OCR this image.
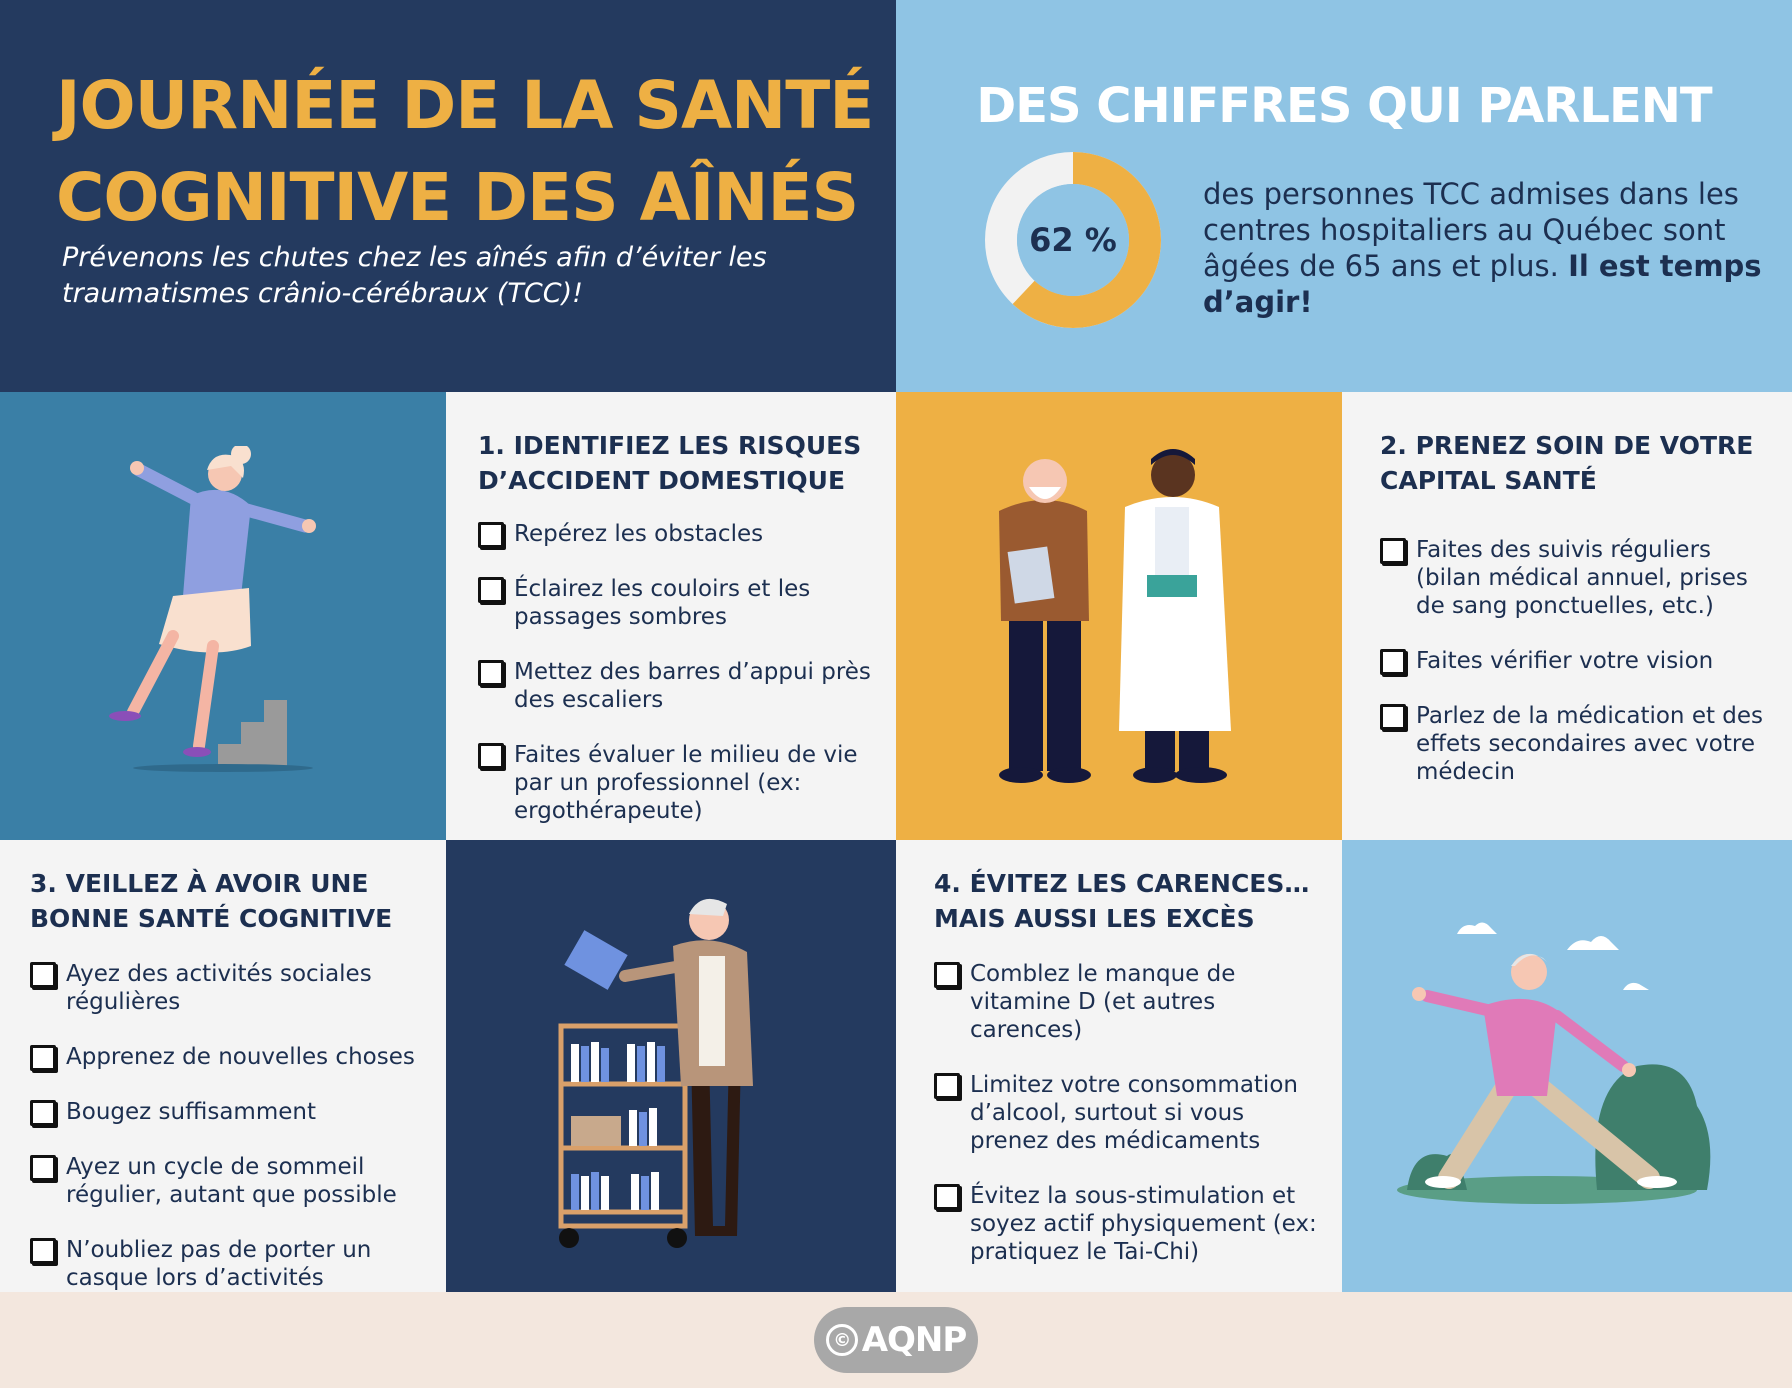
JOURNÉE DE LA SANTÉ
COGNITIVE DES AÎNÉS

Prévenons les chutes chez les aînés afin d’éviter les
traumatismes crânio-cérébraux (TCC)!

DES CHIFFRES QUI PARLENT
62 %

des personnes TCC admises dans les centres hospitaliers au Québec sont âgées de 65 ans et plus. Il est temps d’agir!

1. IDENTIFIEZ LES RISQUES
D’ACCIDENT DOMESTIQUE
Repérez les obstacles
Éclairez les couloirs et les passages sombres
Mettez des barres d’appui près des escaliers
Faites évaluer le milieu de vie par un professionnel (ex: ergothérapeute)
2. PRENEZ SOIN DE VOTRE
CAPITAL SANTÉ
Faites des suivis réguliers (bilan médical annuel, prises de sang ponctuelles, etc.)
Faites vérifier votre vision
Parlez de la médication et des effets secondaires avec votre médecin
3. VEILLEZ À AVOIR UNE
BONNE SANTÉ COGNITIVE
Ayez des activités sociales régulières
Apprenez de nouvelles choses
Bougez suffisamment
Ayez un cycle de sommeil régulier, autant que possible
N’oubliez pas de porter un casque lors d’activités
4. ÉVITEZ LES CARENCES…
MAIS AUSSI LES EXCÈS
Comblez le manque de vitamine D (et autres carences)
Limitez votre consommation d’alcool, surtout si vous prenez des médicaments
Évitez la sous-stimulation et soyez actif physiquement (ex: pratiquez le Tai-Chi)
© AQNP
